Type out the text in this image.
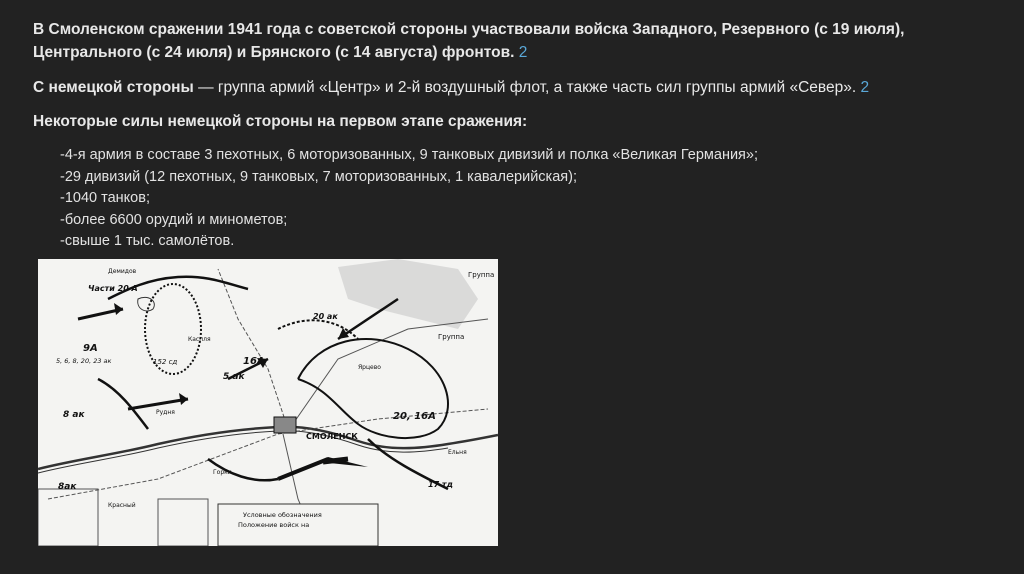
В Смоленском сражении 1941 года с советской стороны участвовали войска Западного, Резервного (с 19 июля), Центрального (с 24 июля) и Брянского (с 14 августа) фронтов. 2
С немецкой стороны — группа армий «Центр» и 2-й воздушный флот, а также часть сил группы армий «Север». 2
Некоторые силы немецкой стороны на первом этапе сражения:
-4-я армия в составе 3 пехотных, 6 моторизованных, 9 танковых дивизий и полка «Великая Германия»;
-29 дивизий (12 пехотных, 9 танковых, 7 моторизованных, 1 кавалерийская);
-1040 танков;
-более 6600 орудий и минометов;
-свыше 1 тыс. самолётов.
СМОЛЕНСК
16А
20 ак
20, 16А
9А
5, 6, 8, 20, 23 ак
5 ак
8 ак
8ак
Части 20 А
17 тд
152 сд
Группа
Группа
Условные обозначения
Положение войск на
Демидов
Ярцево
Рудня
Каспля
Ельня
Красный
Горки
